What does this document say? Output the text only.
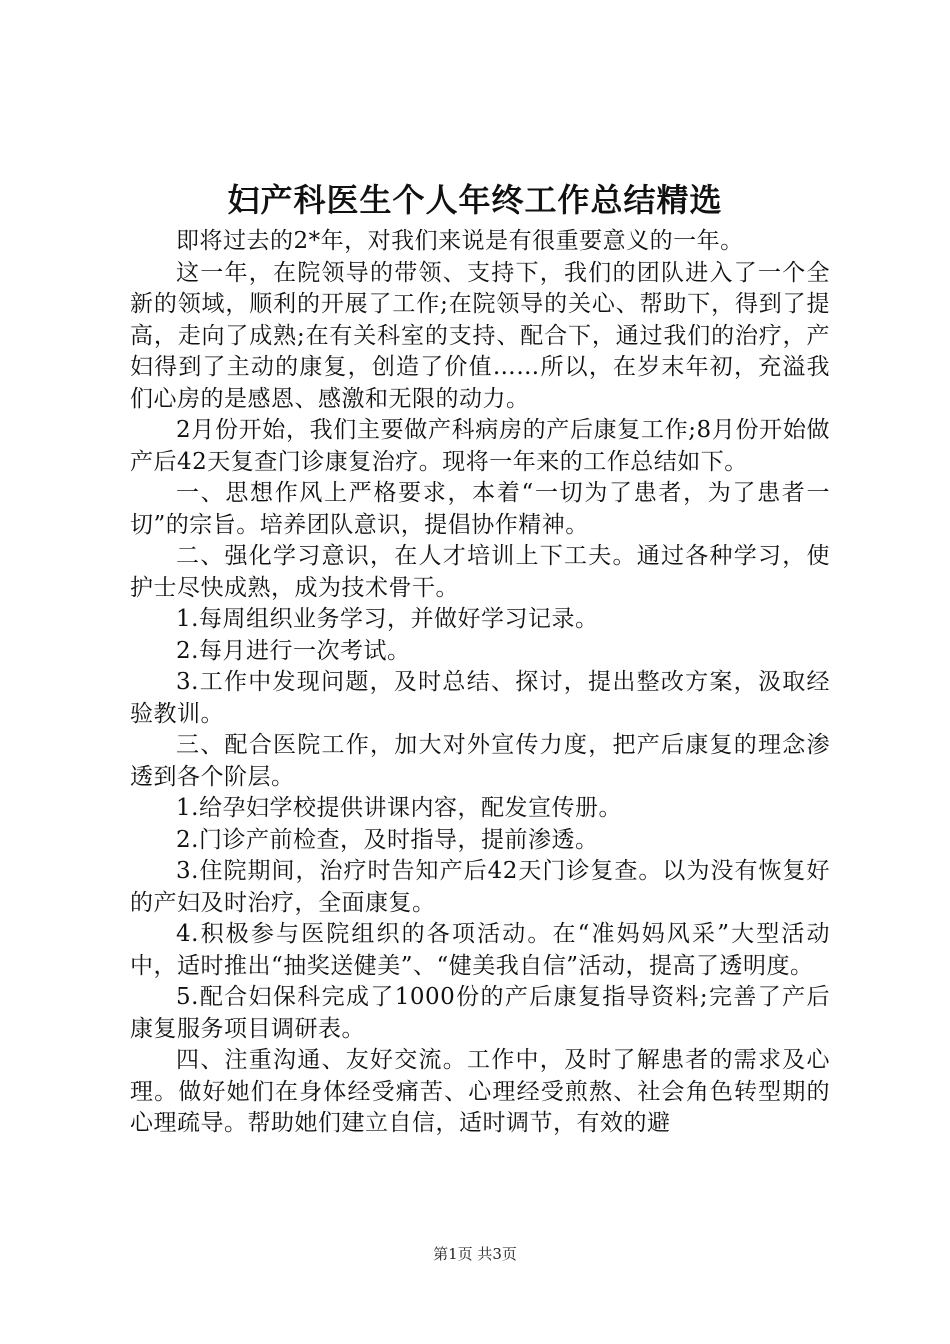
妇产科医生个人年终工作总结精选

即将过去的2*年，对我们来说是有很重要意义的一年。

这一年，在院领导的带领、支持下，我们的团队进入了一个全新的领域，顺利的开展了工作;在院领导的关心、帮助下，得到了提高，走向了成熟;在有关科室的支持、配合下，通过我们的治疗，产妇得到了主动的康复，创造了价值……所以，在岁末年初，充溢我们心房的是感恩、感激和无限的动力。

2月份开始，我们主要做产科病房的产后康复工作;8月份开始做产后42天复查门诊康复治疗。现将一年来的工作总结如下。

一、思想作风上严格要求，本着“一切为了患者，为了患者一切”的宗旨。培养团队意识，提倡协作精神。

二、强化学习意识，在人才培训上下工夫。通过各种学习，使护士尽快成熟，成为技术骨干。

1.每周组织业务学习，并做好学习记录。

2.每月进行一次考试。

3.工作中发现问题，及时总结、探讨，提出整改方案，汲取经验教训。

三、配合医院工作，加大对外宣传力度，把产后康复的理念渗透到各个阶层。

1.给孕妇学校提供讲课内容，配发宣传册。

2.门诊产前检查，及时指导，提前渗透。

3.住院期间，治疗时告知产后42天门诊复查。以为没有恢复好的产妇及时治疗，全面康复。

4.积极参与医院组织的各项活动。在“准妈妈风采”大型活动中，适时推出“抽奖送健美”、“健美我自信”活动，提高了透明度。

5.配合妇保科完成了1000份的产后康复指导资料;完善了产后康复服务项目调研表。

四、注重沟通、友好交流。工作中，及时了解患者的需求及心理。做好她们在身体经受痛苦、心理经受煎熬、社会角色转型期的心理疏导。帮助她们建立自信，适时调节，有效的避

第1页 共3页
